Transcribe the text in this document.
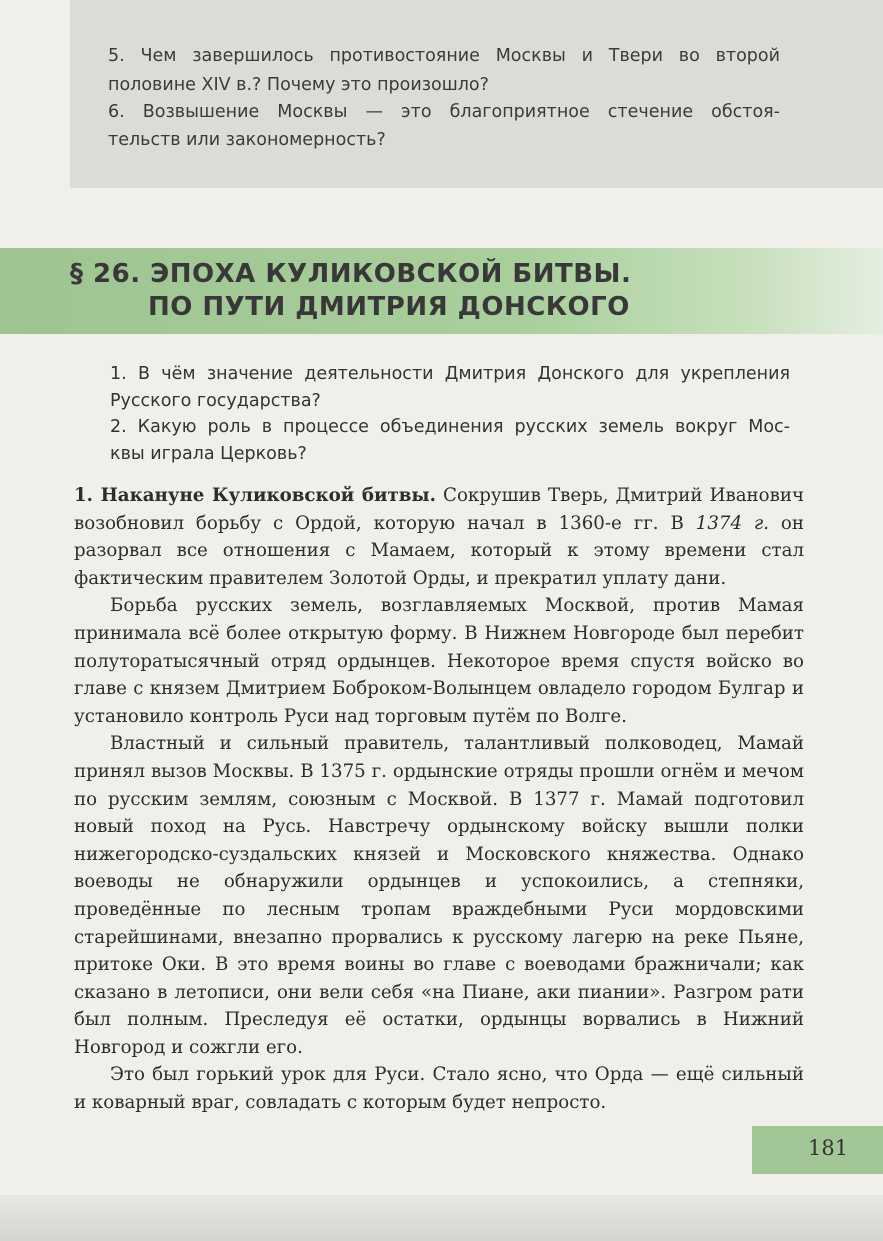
5. Чем завершилось противостояние Москвы и Твери во второй

половине XIV в.? Почему это произошло?

6. Возвышение Москвы — это благоприятное стечение обстоя-

тельств или закономерность?

§ 26. ЭПОХА КУЛИКОВСКОЙ БИТВЫ.
ПО ПУТИ ДМИТРИЯ ДОНСКОГО

1. В чём значение деятельности Дмитрия Донского для укрепления

Русского государства?

2. Какую роль в процессе объединения русских земель вокруг Мос-

квы играла Церковь?

1. Накануне Куликовской битвы. Сокрушив Тверь, Дмитрий Иванович возобновил борьбу с Ордой, которую начал в 1360-е гг. В 1374 г. он разорвал все отношения с Мамаем, который к этому времени стал фактическим правителем Золотой Орды, и прекратил уплату дани.

Борьба русских земель, возглавляемых Москвой, против Мамая принимала всё более открытую форму. В Нижнем Новгороде был перебит полутoратысячный отряд ордынцев. Некоторое время спустя войско во главе с князем Дмитрием Боброком-Волынцем овладело городом Булгар и установило контроль Руси над торговым путём по Волге.

Властный и сильный правитель, талантливый полководец, Мамай принял вызов Москвы. В 1375 г. ордынские отряды прошли огнём и мечом по русским землям, союзным с Москвой. В 1377 г. Мамай подготовил новый поход на Русь. Навстречу ордынскому войску вышли полки нижегородско-суздальских князей и Московского княжества. Однако воеводы не обнаружили ордынцев и успокоились, а степняки, проведённые по лесным тропам враждебными Руси мордовскими старейшинами, внезапно прорвались к русскому лагерю на реке Пьяне, притоке Оки. В это время воины во главе с воеводами бражничали; как сказано в летописи, они вели себя «на Пиане, аки пиании». Разгром рати был полным. Преследуя её остатки, ордынцы ворвались в Нижний Новгород и сожгли его.

Это был горький урок для Руси. Стало ясно, что Орда — ещё сильный и коварный враг, совладать с которым будет непросто.

181
